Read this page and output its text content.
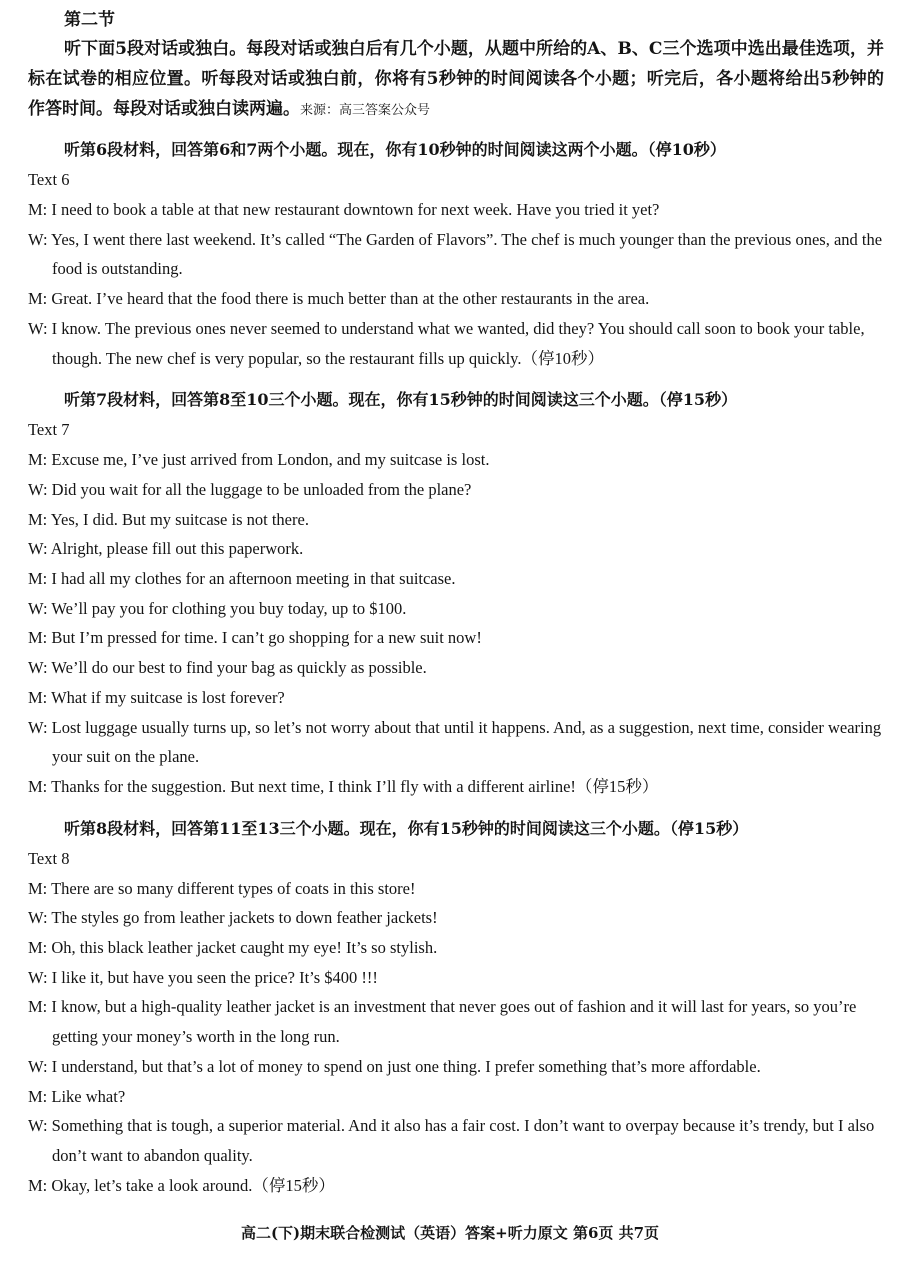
第二节

听下面5段对话或独白。每段对话或独白后有几个小题，从题中所给的A、B、C三个选项中选出最佳选项，并标在试卷的相应位置。听每段对话或独白前，你将有5秒钟的时间阅读各个小题；听完后，各小题将给出5秒钟的作答时间。每段对话或独白读两遍。来源：高三答案公众号

听第6段材料，回答第6和7两个小题。现在，你有10秒钟的时间阅读这两个小题。（停10秒）

Text 6

M: I need to book a table at that new restaurant downtown for next week. Have you tried it yet?

W: Yes, I went there last weekend. It’s called “The Garden of Flavors”. The chef is much younger than the previous ones, and the food is outstanding.

M: Great. I’ve heard that the food there is much better than at the other restaurants in the area.

W: I know. The previous ones never seemed to understand what we wanted, did they? You should call soon to book your table, though. The new chef is very popular, so the restaurant fills up quickly.（停10秒）

听第7段材料，回答第8至10三个小题。现在，你有15秒钟的时间阅读这三个小题。（停15秒）

Text 7

M: Excuse me, I’ve just arrived from London, and my suitcase is lost.

W: Did you wait for all the luggage to be unloaded from the plane?

M: Yes, I did. But my suitcase is not there.

W: Alright, please fill out this paperwork.

M: I had all my clothes for an afternoon meeting in that suitcase.

W: We’ll pay you for clothing you buy today, up to $100.

M: But I’m pressed for time. I can’t go shopping for a new suit now!

W: We’ll do our best to find your bag as quickly as possible.

M: What if my suitcase is lost forever?

W: Lost luggage usually turns up, so let’s not worry about that until it happens. And, as a suggestion, next time, consider wearing your suit on the plane.

M: Thanks for the suggestion. But next time, I think I’ll fly with a different airline!（停15秒）

听第8段材料，回答第11至13三个小题。现在，你有15秒钟的时间阅读这三个小题。（停15秒）

Text 8

M: There are so many different types of coats in this store!

W: The styles go from leather jackets to down feather jackets!

M: Oh, this black leather jacket caught my eye! It’s so stylish.

W: I like it, but have you seen the price? It’s $400 !!!

M: I know, but a high-quality leather jacket is an investment that never goes out of fashion and it will last for years, so you’re getting your money’s worth in the long run.

W: I understand, but that’s a lot of money to spend on just one thing. I prefer something that’s more affordable.

M: Like what?

W: Something that is tough, a superior material. And it also has a fair cost. I don’t want to overpay because it’s trendy, but I also don’t want to abandon quality.

M: Okay, let’s take a look around.（停15秒）

高二(下)期末联合检测试（英语）答案+听力原文 第6页 共7页
